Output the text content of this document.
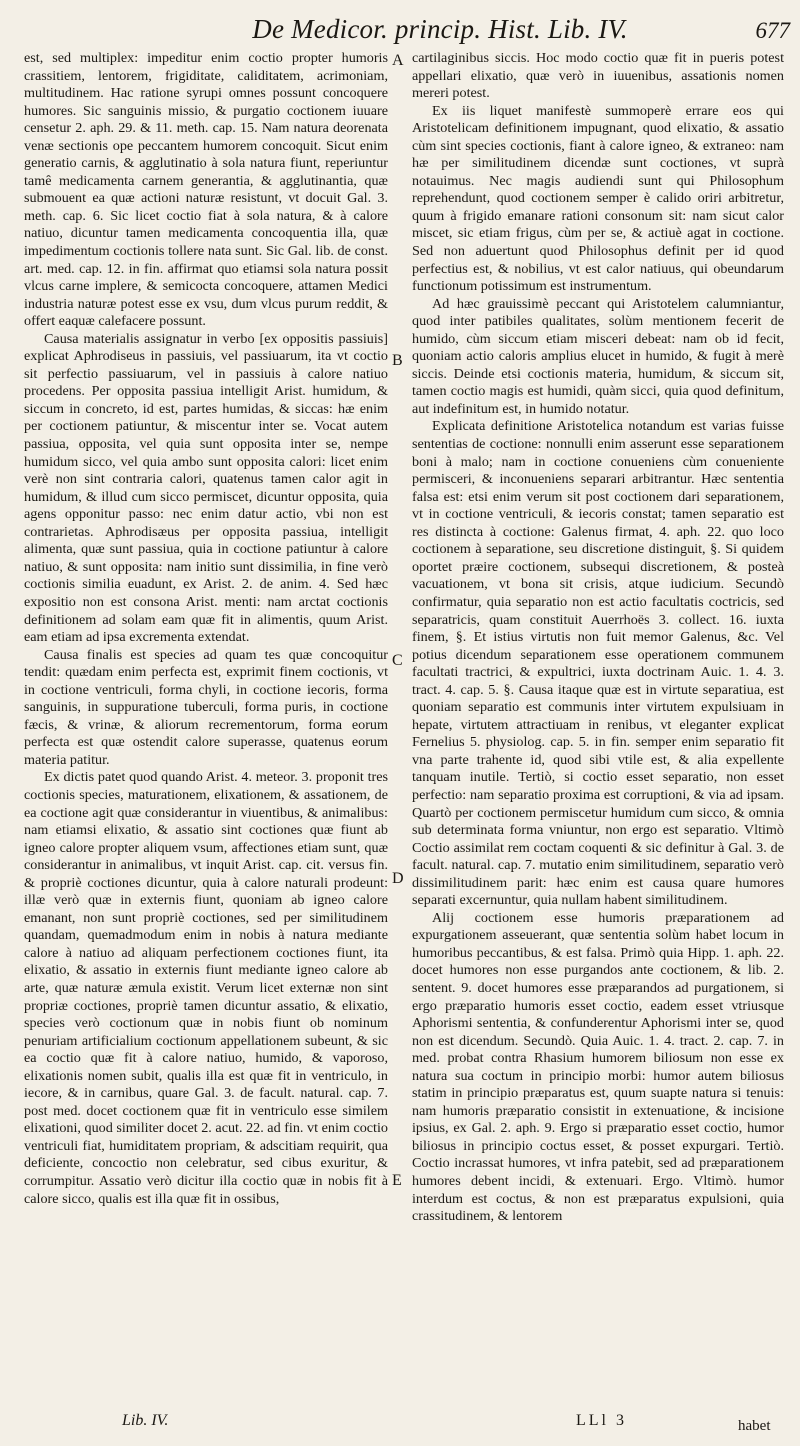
De Medicor. princip. Hist. Lib. IV.	677

est, sed multiplex: impeditur enim coctio propter humoris crassitiem, lentorem, frigiditate, caliditatem, acrimoniam, multitudinem. Hac ratione syrupi omnes possunt concoquere humores. Sic sanguinis missio, & purgatio coctionem iuuare censetur 2. aph. 29. & 11. meth. cap. 15. Nam natura deorenata venæ sectionis ope peccantem humorem concoquit. Sicut enim generatio carnis, & agglutinatio à sola natura fiunt, reperiuntur tamê medicamenta carnem generantia, & agglutinantia, quæ submouent ea quæ actioni naturæ resistunt, vt docuit Gal. 3. meth. cap. 6. Sic licet coctio fiat à sola natura, & à calore natiuo, dicuntur tamen medicamenta concoquentia illa, quæ impedimentum coctionis tollere nata sunt. Sic Gal. lib. de const. art. med. cap. 12. in fin. affirmat quo etiamsi sola natura possit vlcus carne implere, & semicocta concoquere, attamen Medici industria naturæ potest esse ex vsu, dum vlcus purum reddit, & offert eaquæ calefacere possunt.

Causa materialis assignatur in verbo [ex oppositis passiuis] explicat Aphrodiseus in passiuis, vel passiuarum, ita vt coctio sit perfectio passiuarum, vel in passiuis à calore natiuo procedens. Per opposita passiua intelligit Arist. humidum, & siccum in concreto, id est, partes humidas, & siccas: hæ enim per coctionem patiuntur, & miscentur inter se. Vocat autem passiua, opposita, vel quia sunt opposita inter se, nempe humidum sicco, vel quia ambo sunt opposita calori: licet enim verè non sint contraria calori, quatenus tamen calor agit in humidum, & illud cum sicco permiscet, dicuntur opposita, quia agens opponitur passo: nec enim datur actio, vbi non est contrarietas. Aphrodisæus per opposita passiua, intelligit alimenta, quæ sunt passiua, quia in coctione patiuntur à calore natiuo, & sunt opposita: nam initio sunt dissimilia, in fine verò coctionis similia euadunt, ex Arist. 2. de anim. 4. Sed hæc expositio non est consona Arist. menti: nam arctat coctionis definitionem ad solam eam quæ fit in alimentis, quum Arist. eam etiam ad ipsa excrementa extendat.

Causa finalis est species ad quam tes quæ concoquitur tendit: quædam enim perfecta est, exprimit finem coctionis, vt in coctione ventriculi, forma chyli, in coctione iecoris, forma sanguinis, in suppuratione tuberculi, forma puris, in coctione fæcis, & vrinæ, & aliorum recrementorum, forma eorum perfecta est quæ ostendit calore superasse, quatenus eorum materia patitur.

Ex dictis patet quod quando Arist. 4. meteor. 3. proponit tres coctionis species, maturationem, elixationem, & assationem, de ea coctione agit quæ considerantur in viuentibus, & animalibus: nam etiamsi elixatio, & assatio sint coctiones quæ fiunt ab igneo calore propter aliquem vsum, affectiones etiam sunt, quæ considerantur in animalibus, vt inquit Arist. cap. cit. versus fin. & propriè coctiones dicuntur, quia à calore naturali prodeunt: illæ verò quæ in externis fiunt, quoniam ab igneo calore emanant, non sunt propriè coctiones, sed per similitudinem quandam, quemadmodum enim in nobis à natura mediante calore à natiuo ad aliquam perfectionem coctiones fiunt, ita elixatio, & assatio in externis fiunt mediante igneo calore ab arte, quæ naturæ æmula existit. Verum licet externæ non sint propriæ coctiones, propriè tamen dicuntur assatio, & elixatio, species verò coctionum quæ in nobis fiunt ob nominum penuriam artificialium coctionum appellationem subeunt, & sic ea coctio quæ fit à calore natiuo, humido, & vaporoso, elixationis nomen subit, qualis illa est quæ fit in ventriculo, in iecore, & in carnibus, quare Gal. 3. de facult. natural. cap. 7. post med. docet coctionem quæ fit in ventriculo esse similem elixationi, quod similiter docet 2. acut. 22. ad fin. vt enim coctio ventriculi fiat, humiditatem propriam, & adscitiam requirit, qua deficiente, concoctio non celebratur, sed cibus exuritur, & corrumpitur. Assatio verò dicitur illa coctio quæ in nobis fit à calore sicco, qualis est illa quæ fit in ossibus,

A
B
C
D
E

cartilaginibus siccis. Hoc modo coctio quæ fit in pueris potest appellari elixatio, quæ verò in iuuenibus, assationis nomen mereri potest.

Ex iis liquet manifestè summoperè errare eos qui Aristotelicam definitionem impugnant, quod elixatio, & assatio cùm sint species coctionis, fiant à calore igneo, & extraneo: nam hæ per similitudinem dicendæ sunt coctiones, vt suprà notauimus. Nec magis audiendi sunt qui Philosophum reprehendunt, quod coctionem semper è calido oriri arbitretur, quum à frigido emanare rationi consonum sit: nam sicut calor miscet, sic etiam frigus, cùm per se, & actiuè agat in coctione. Sed non aduertunt quod Philosophus definit per id quod perfectius est, & nobilius, vt est calor natiuus, qui obeundarum functionum potissimum est instrumentum.

Ad hæc grauissimè peccant qui Aristotelem calumniantur, quod inter patibiles qualitates, solùm mentionem fecerit de humido, cùm siccum etiam misceri debeat: nam ob id fecit, quoniam actio caloris amplius elucet in humido, & fugit à merè siccis. Deinde etsi coctionis materia, humidum, & siccum sit, tamen coctio magis est humidi, quàm sicci, quia quod definitum, aut indefinitum est, in humido notatur.

Explicata definitione Aristotelica notandum est varias fuisse sententias de coctione: nonnulli enim asserunt esse separationem boni à malo; nam in coctione conueniens cùm conueniente permisceri, & inconueniens separari arbitrantur. Hæc sententia falsa est: etsi enim verum sit post coctionem dari separationem, vt in coctione ventriculi, & iecoris constat; tamen separatio est res distincta à coctione: Galenus firmat, 4. aph. 22. quo loco coctionem à separatione, seu discretione distinguit, §. Si quidem oportet præire coctionem, subsequi discretionem, & posteà vacuationem, vt bona sit crisis, atque iudicium. Secundò confirmatur, quia separatio non est actio facultatis coctricis, sed separatricis, quam constituit Auerrhoës 3. collect. 16. iuxta finem, §. Et istius virtutis non fuit memor Galenus, &c. Vel potius dicendum separationem esse operationem communem facultati tractrici, & expultrici, iuxta doctrinam Auic. 1. 4. 3. tract. 4. cap. 5. §. Causa itaque quæ est in virtute separatiua, est quoniam separatio est communis inter virtutem expulsiuam in hepate, virtutem attractiuam in renibus, vt eleganter explicat Fernelius 5. physiolog. cap. 5. in fin. semper enim separatio fit vna parte trahente id, quod sibi vtile est, & alia expellente tanquam inutile. Tertiò, si coctio esset separatio, non esset perfectio: nam separatio proxima est corruptioni, & via ad ipsam. Quartò per coctionem permiscetur humidum cum sicco, & omnia sub determinata forma vniuntur, non ergo est separatio. Vltimò Coctio assimilat rem coctam coquenti & sic definitur à Gal. 3. de facult. natural. cap. 7. mutatio enim similitudinem, separatio verò dissimilitudinem parit: hæc enim est causa quare humores separati excernuntur, quia nullam habent similitudinem.

Alij coctionem esse humoris præparationem ad expurgationem asseuerant, quæ sententia solùm habet locum in humoribus peccantibus, & est falsa. Primò quia Hipp. 1. aph. 22. docet humores non esse purgandos ante coctionem, & lib. 2. sentent. 9. docet humores esse præparandos ad purgationem, si ergo præparatio humoris esset coctio, eadem esset vtriusque Aphorismi sententia, & confunderentur Aphorismi inter se, quod non est dicendum. Secundò. Quia Auic. 1. 4. tract. 2. cap. 7. in med. probat contra Rhasium humorem biliosum non esse ex natura sua coctum in principio morbi: humor autem biliosus statim in principio præparatus est, quum suapte natura si tenuis: nam humoris præparatio consistit in extenuatione, & incisione ipsius, ex Gal. 2. aph. 9. Ergo si præparatio esset coctio, humor biliosus in principio coctus esset, & posset expurgari. Tertiò. Coctio incrassat humores, vt infra patebit, sed ad præparationem humores debent incidi, & extenuari. Ergo. Vltimò. humor interdum est coctus, & non est præparatus expulsioni, quia crassitudinem, & lentorem

Lib. IV.	LLl 3	habet
